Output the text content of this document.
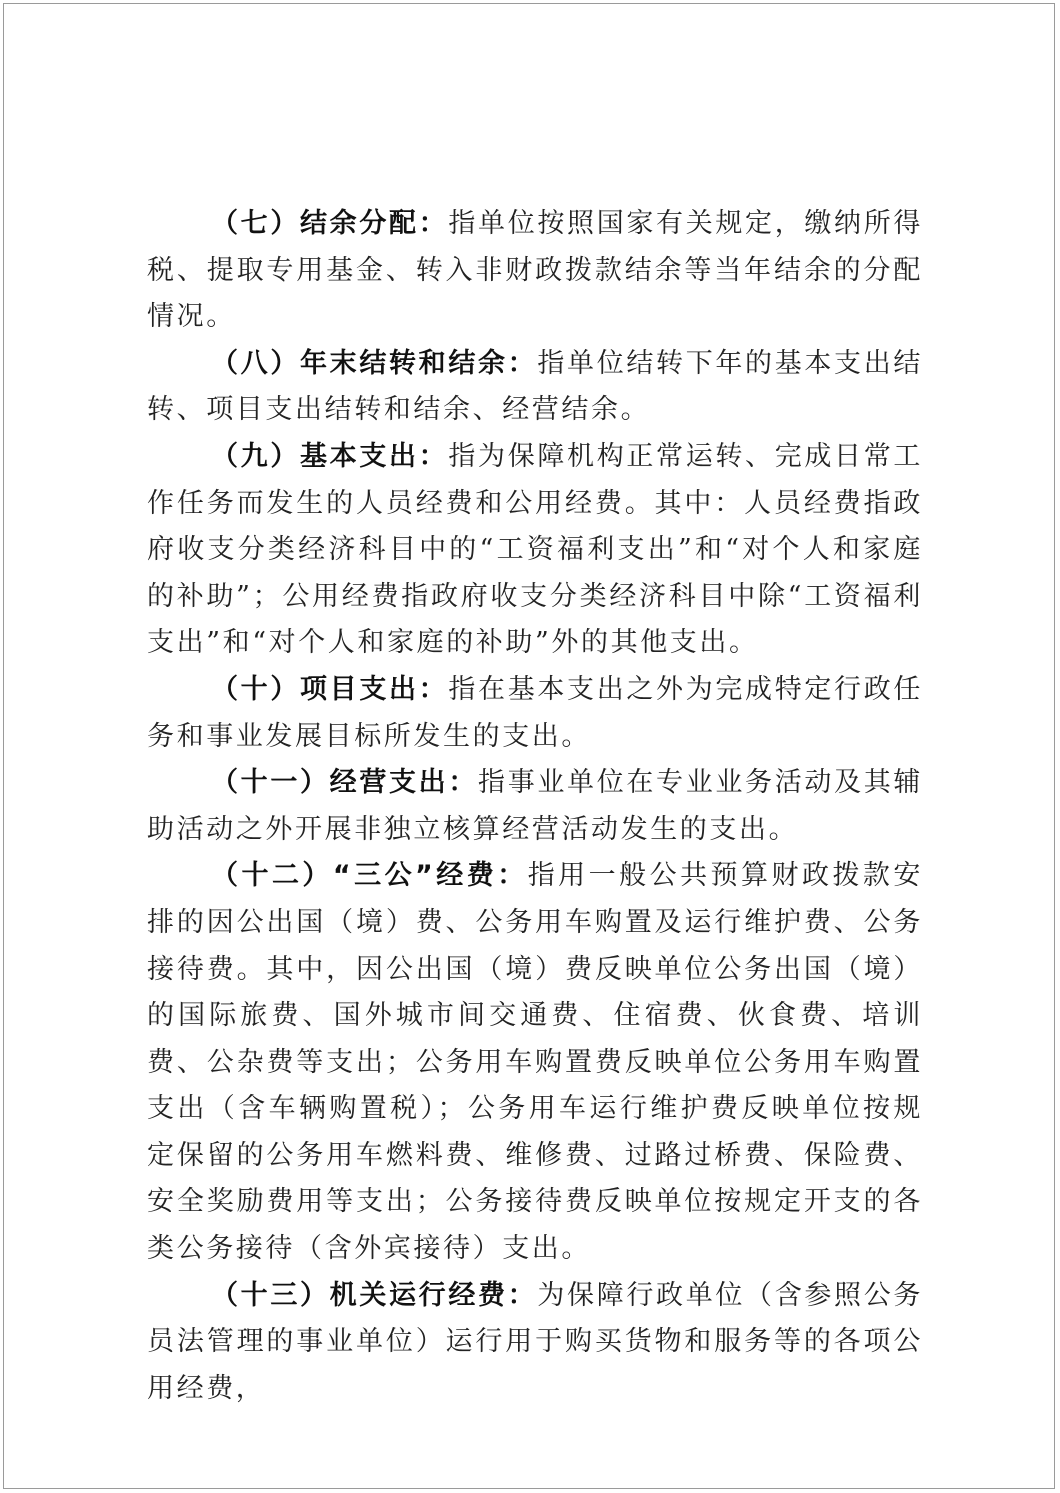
（七）结余分配：指单位按照国家有关规定，缴纳所得税、提取专用基金、转入非财政拨款结余等当年结余的分配情况。

（八）年末结转和结余：指单位结转下年的基本支出结转、项目支出结转和结余、经营结余。

（九）基本支出：指为保障机构正常运转、完成日常工作任务而发生的人员经费和公用经费。其中：人员经费指政府收支分类经济科目中的“工资福利支出”和“对个人和家庭的补助”；公用经费指政府收支分类经济科目中除“工资福利支出”和“对个人和家庭的补助”外的其他支出。

（十）项目支出：指在基本支出之外为完成特定行政任务和事业发展目标所发生的支出。

（十一）经营支出：指事业单位在专业业务活动及其辅助活动之外开展非独立核算经营活动发生的支出。

（十二）“三公”经费：指用一般公共预算财政拨款安排的因公出国（境）费、公务用车购置及运行维护费、公务接待费。其中，因公出国（境）费反映单位公务出国（境）的国际旅费、国外城市间交通费、住宿费、伙食费、培训费、公杂费等支出；公务用车购置费反映单位公务用车购置支出（含车辆购置税）；公务用车运行维护费反映单位按规定保留的公务用车燃料费、维修费、过路过桥费、保险费、安全奖励费用等支出；公务接待费反映单位按规定开支的各类公务接待（含外宾接待）支出。

（十三）机关运行经费：为保障行政单位（含参照公务员法管理的事业单位）运行用于购买货物和服务等的各项公用经费，
